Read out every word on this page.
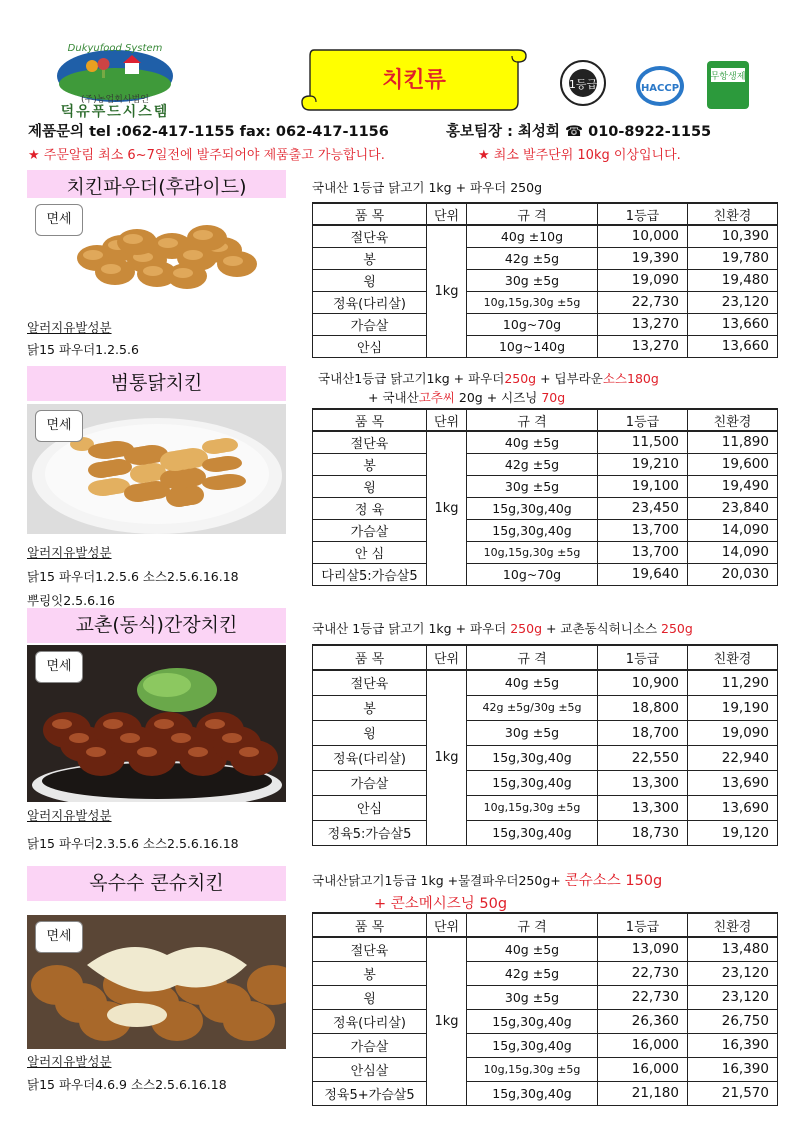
Dukyufood System
(주)농업회사법인
덕유푸드시스템
치킨류	1등급	HACCP
무항생제
제품문의 tel :062-417-1155 fax: 062-417-1156	홍보팀장 : 최성희 ☎ 010-8922-1155
★ 주문알림 최소 6~7일전에 발주되어야 제품출고 가능합니다.	★ 최소 발주단위 10kg 이상입니다.
치킨파우더(후라이드)
면세
알러지유발성분
닭15 파우더1.2.5.6
국내산 1등급 닭고기 1kg + 파우더 250g
품 목	단위	규 격	1등급	친환경
절단육	1kg	40g ±10g	10,000	10,390
봉		42g ±5g	19,390	19,780
윙		30g ±5g	19,090	19,480
정육(다리살)		10g,15g,30g ±5g	22,730	23,120
가슴살		10g~70g	13,270	13,660
안심		10g~140g	13,270	13,660
범통닭치킨
면세
알러지유발성분
닭15 파우더1.2.5.6 소스2.5.6.16.18
뿌링잇2.5.6.16
국내산1등급 닭고기1kg + 파우더250g + 딥부라운소스180g
+ 국내산고추씨 20g + 시즈닝 70g
품 목	단위	규 격	1등급	친환경
절단육	1kg	40g ±5g	11,500	11,890
봉		42g ±5g	19,210	19,600
윙		30g ±5g	19,100	19,490
정 육		15g,30g,40g	23,450	23,840
가슴살		15g,30g,40g	13,700	14,090
안 심		10g,15g,30g ±5g	13,700	14,090
다리살5:가슴살5		10g~70g	19,640	20,030
교촌(동식)간장치킨
면세
알러지유발성분
닭15 파우더2.3.5.6 소스2.5.6.16.18
국내산 1등급 닭고기 1kg + 파우더 250g + 교촌동식허니소스 250g
품 목	단위	규 격	1등급	친환경
절단육	1kg	40g ±5g	10,900	11,290
봉		42g ±5g/30g ±5g	18,800	19,190
윙		30g ±5g	18,700	19,090
정육(다리살)		15g,30g,40g	22,550	22,940
가슴살		15g,30g,40g	13,300	13,690
안심		10g,15g,30g ±5g	13,300	13,690
정육5:가슴살5		15g,30g,40g	18,730	19,120
옥수수 콘슈치킨
면세
알러지유발성분
닭15 파우더4.6.9 소스2.5.6.16.18
국내산닭고기1등급 1kg +물결파우더250g+ 콘슈소스 150g
+ 콘소메시즈닝 50g
품 목	단위	규 격	1등급	친환경
절단육	1kg	40g ±5g	13,090	13,480
봉		42g ±5g	22,730	23,120
윙		30g ±5g	22,730	23,120
정육(다리살)		15g,30g,40g	26,360	26,750
가슴살		15g,30g,40g	16,000	16,390
안심살		10g,15g,30g ±5g	16,000	16,390
정육5+가슴살5		15g,30g,40g	21,180	21,570
